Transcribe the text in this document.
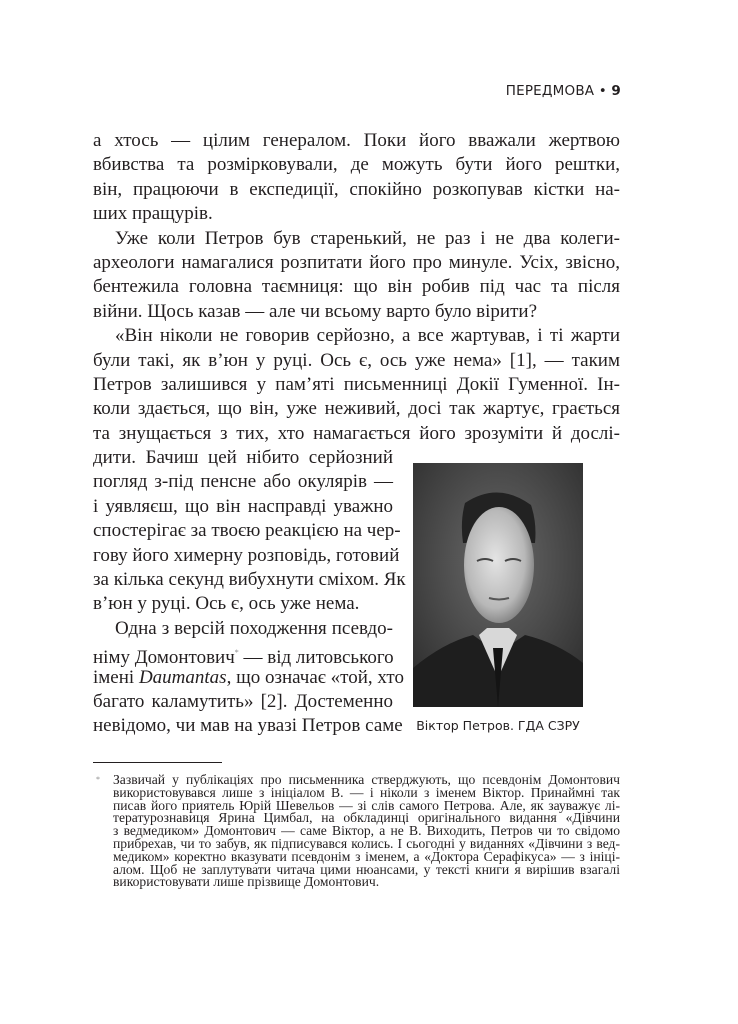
ПЕРЕДМОВА • 9
а хтось — цілим генералом. Поки його вважали жертвою
вбивства та розмірковували, де можуть бути його рештки,
він, працюючи в експедиції, спокійно розкопував кістки на-
ших пращурів.
Уже коли Петров був старенький, не раз і не два колеги-
археологи намагалися розпитати його про минуле. Усіх, звісно,
бентежила головна таємниця: що він робив під час та після
війни. Щось казав — але чи всьому варто було вірити?
«Він ніколи не говорив серйозно, а все жартував, і ті жарти
були такі, як в’юн у руці. Ось є, ось уже нема» [1], — таким
Петров залишився у пам’яті письменниці Докії Гуменної. Ін-
коли здається, що він, уже неживий, досі так жартує, грається
та знущається з тих, хто намагається його зрозуміти й дослі-
дити. Бачиш цей нібито серйозний
погляд з-під пенсне або окулярів —
і уявляєш, що він насправді уважно
спостерігає за твоєю реакцією на чер-
гову його химерну розповідь, готовий
за кілька секунд вибухнути сміхом. Як
в’юн у руці. Ось є, ось уже нема.
Одна з версій походження псевдо-
німу Домонтович* — від литовського
імені Daumantas, що означає «той, хто
багато каламутить» [2]. Достеменно
невідомо, чи мав на увазі Петров саме	Віктор Петров. ГДА СЗРУ
* Зазвичай у публікаціях про письменника стверджують, що псевдонім Домонтович
використовувався лише з ініціалом В. — і ніколи з іменем Віктор. Принаймні так
писав його приятель Юрій Шевельов — зі слів самого Петрова. Але, як зауважує лі-
тературознавиця Ярина Цимбал, на обкладинці оригінального видання «Дівчини
з ведмедиком» Домонтович — саме Віктор, а не В. Виходить, Петров чи то свідомо
прибрехав, чи то забув, як підписувався колись. І сьогодні у виданнях «Дівчини з вед-
медиком» коректно вказувати псевдонім з іменем, а «Доктора Серафікуса» — з ініці-
алом. Щоб не заплутувати читача цими нюансами, у тексті книги я вирішив взагалі
використовувати лише прізвище Домонтович.
